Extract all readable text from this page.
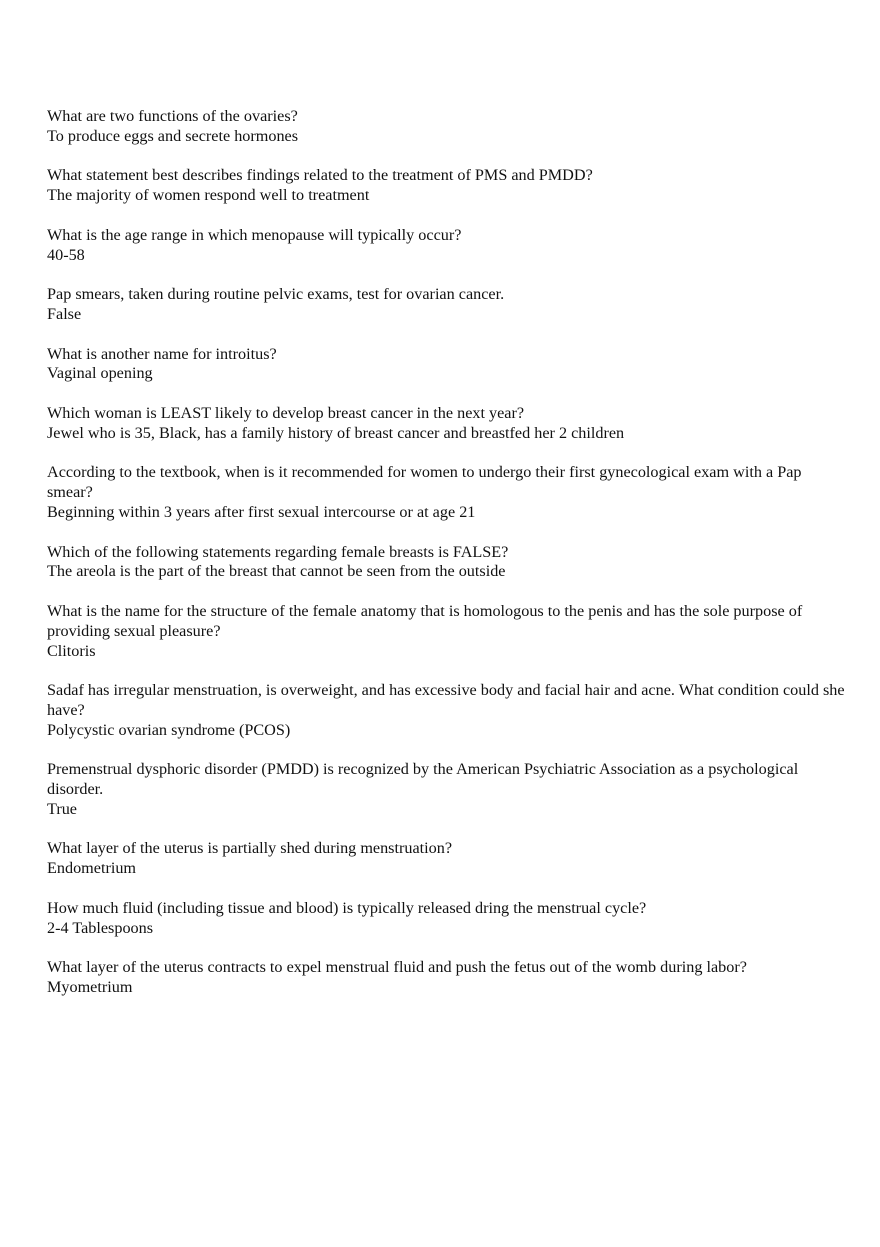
What are two functions of the ovaries?
To produce eggs and secrete hormones
What statement best describes findings related to the treatment of PMS and PMDD?
The majority of women respond well to treatment
What is the age range in which menopause will typically occur?
40-58
Pap smears, taken during routine pelvic exams, test for ovarian cancer.
False
What is another name for introitus?
Vaginal opening
Which woman is LEAST likely to develop breast cancer in the next year?
Jewel who is 35, Black, has a family history of breast cancer and breastfed her 2 children
According to the textbook, when is it recommended for women to undergo their first gynecological exam with a Pap smear?
Beginning within 3 years after first sexual intercourse or at age 21
Which of the following statements regarding female breasts is FALSE?
The areola is the part of the breast that cannot be seen from the outside
What is the name for the structure of the female anatomy that is homologous to the penis and has the sole purpose of providing sexual pleasure?
Clitoris
Sadaf has irregular menstruation, is overweight, and has excessive body and facial hair and acne. What condition could she have?
Polycystic ovarian syndrome (PCOS)
Premenstrual dysphoric disorder (PMDD) is recognized by the American Psychiatric Association as a psychological disorder.
True
What layer of the uterus is partially shed during menstruation?
Endometrium
How much fluid (including tissue and blood) is typically released dring the menstrual cycle?
2-4 Tablespoons
What layer of the uterus contracts to expel menstrual fluid and push the fetus out of the womb during labor?
Myometrium
